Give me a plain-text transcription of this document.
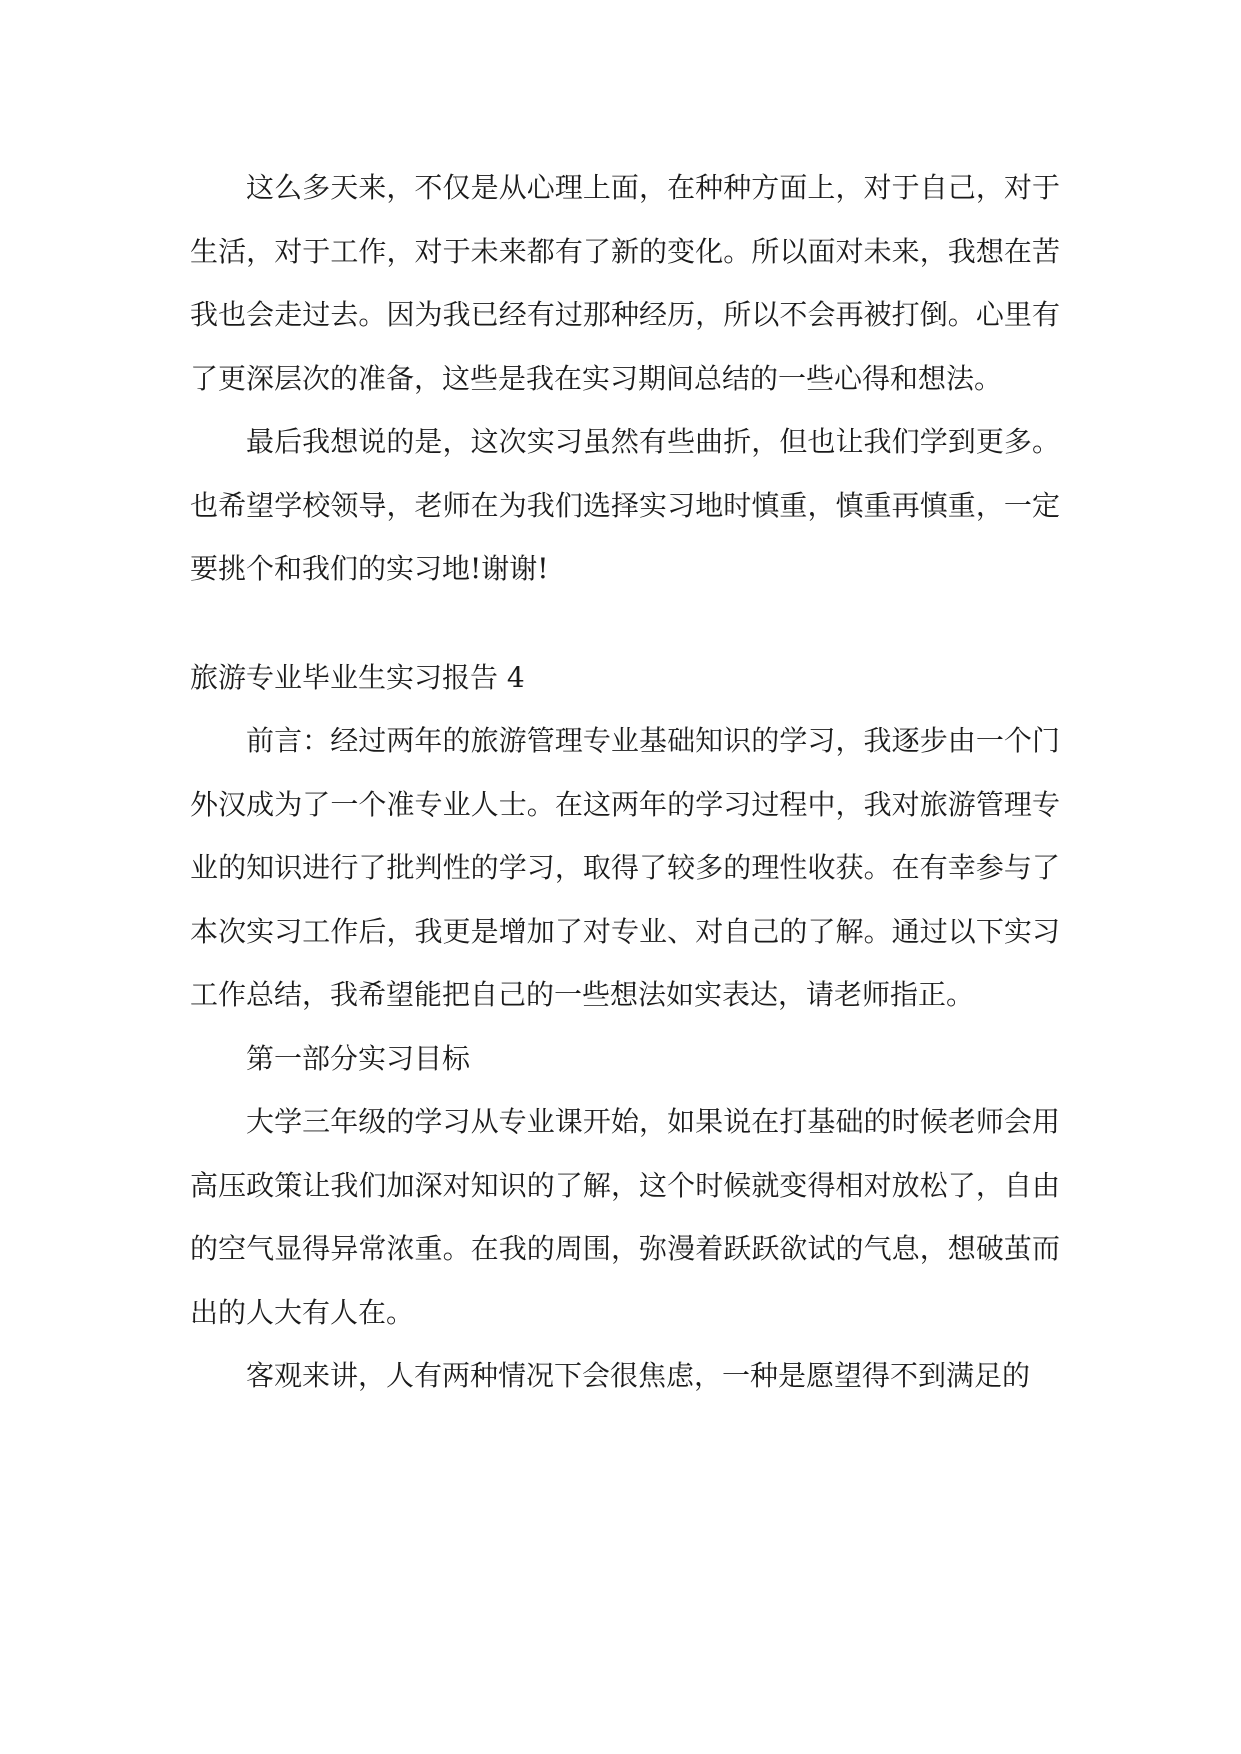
这么多天来，不仅是从心理上面，在种种方面上，对于自己，对于生活，对于工作，对于未来都有了新的变化。所以面对未来，我想在苦我也会走过去。因为我已经有过那种经历，所以不会再被打倒。心里有了更深层次的准备，这些是我在实习期间总结的一些心得和想法。

最后我想说的是，这次实习虽然有些曲折，但也让我们学到更多。也希望学校领导，老师在为我们选择实习地时慎重，慎重再慎重，一定要挑个和我们的实习地!谢谢!

旅游专业毕业生实习报告 4

前言：经过两年的旅游管理专业基础知识的学习，我逐步由一个门外汉成为了一个准专业人士。在这两年的学习过程中，我对旅游管理专业的知识进行了批判性的学习，取得了较多的理性收获。在有幸参与了本次实习工作后，我更是增加了对专业、对自己的了解。通过以下实习工作总结，我希望能把自己的一些想法如实表达，请老师指正。

第一部分实习目标

大学三年级的学习从专业课开始，如果说在打基础的时候老师会用高压政策让我们加深对知识的了解，这个时候就变得相对放松了，自由的空气显得异常浓重。在我的周围，弥漫着跃跃欲试的气息，想破茧而出的人大有人在。

客观来讲，人有两种情况下会很焦虑，一种是愿望得不到满足的
